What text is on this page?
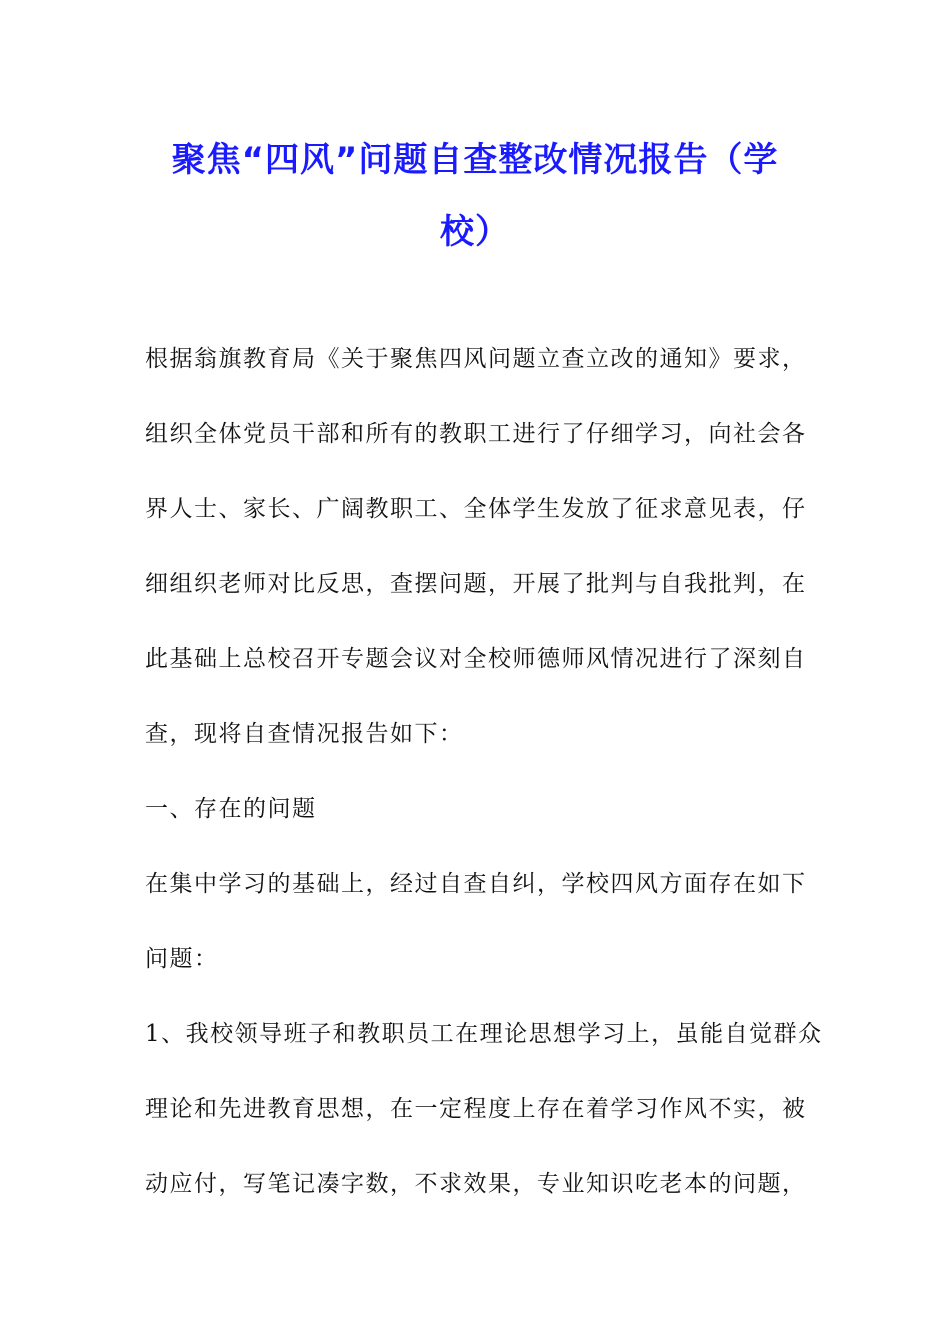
聚焦“四风”问题自查整改情况报告（学
校）
根据翁旗教育局《关于聚焦四风问题立查立改的通知》要求，
组织全体党员干部和所有的教职工进行了仔细学习，向社会各
界人士、家长、广阔教职工、全体学生发放了征求意见表，仔
细组织老师对比反思，查摆问题，开展了批判与自我批判，在
此基础上总校召开专题会议对全校师德师风情况进行了深刻自
查，现将自查情况报告如下：
一、存在的问题
在集中学习的基础上，经过自查自纠，学校四风方面存在如下
问题：
1、我校领导班子和教职员工在理论思想学习上，虽能自觉群众
理论和先进教育思想，在一定程度上存在着学习作风不实，被
动应付，写笔记凑字数，不求效果，专业知识吃老本的问题，
